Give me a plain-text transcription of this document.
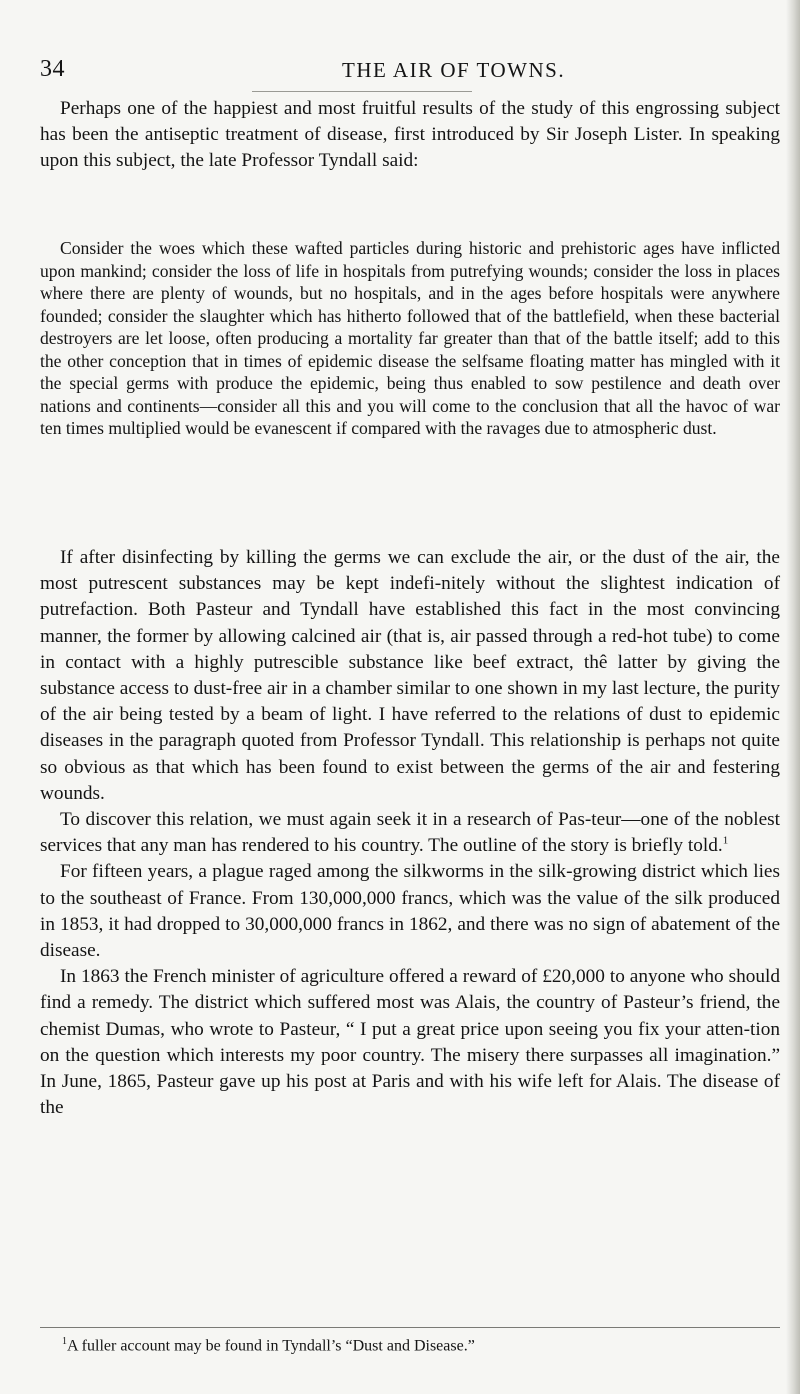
34	THE AIR OF TOWNS.

Perhaps one of the happiest and most fruitful results of the study of this engrossing subject has been the antiseptic treatment of disease, first introduced by Sir Joseph Lister. In speaking upon this subject, the late Professor Tyndall said:

Consider the woes which these wafted particles during historic and prehistoric ages have inflicted upon mankind; consider the loss of life in hospitals from putrefying wounds; consider the loss in places where there are plenty of wounds, but no hospitals, and in the ages before hospitals were anywhere founded; consider the slaughter which has hitherto followed that of the battlefield, when these bacterial destroyers are let loose, often producing a mortality far greater than that of the battle itself; add to this the other conception that in times of epidemic disease the selfsame floating matter has mingled with it the special germs with produce the epidemic, being thus enabled to sow pestilence and death over nations and continents—consider all this and you will come to the conclusion that all the havoc of war ten times multiplied would be evanescent if compared with the ravages due to atmospheric dust.

If after disinfecting by killing the germs we can exclude the air, or the dust of the air, the most putrescent substances may be kept indefi-nitely without the slightest indication of putrefaction. Both Pasteur and Tyndall have established this fact in the most convincing manner, the former by allowing calcined air (that is, air passed through a red-hot tube) to come in contact with a highly putrescible substance like beef extract, thê latter by giving the substance access to dust-free air in a chamber similar to one shown in my last lecture, the purity of the air being tested by a beam of light. I have referred to the relations of dust to epidemic diseases in the paragraph quoted from Professor Tyndall. This relationship is perhaps not quite so obvious as that which has been found to exist between the germs of the air and festering wounds.

To discover this relation, we must again seek it in a research of Pas-teur—one of the noblest services that any man has rendered to his country. The outline of the story is briefly told.$^1$

For fifteen years, a plague raged among the silkworms in the silk-growing district which lies to the southeast of France. From 130,000,000 francs, which was the value of the silk produced in 1853, it had dropped to 30,000,000 francs in 1862, and there was no sign of abatement of the disease.

In 1863 the French minister of agriculture offered a reward of £20,000 to anyone who should find a remedy. The district which suffered most was Alais, the country of Pasteur’s friend, the chemist Dumas, who wrote to Pasteur, “ I put a great price upon seeing you fix your atten-tion on the question which interests my poor country. The misery there surpasses all imagination.” In June, 1865, Pasteur gave up his post at Paris and with his wife left for Alais. The disease of the

$^1$A fuller account may be found in Tyndall’s “Dust and Disease.”
